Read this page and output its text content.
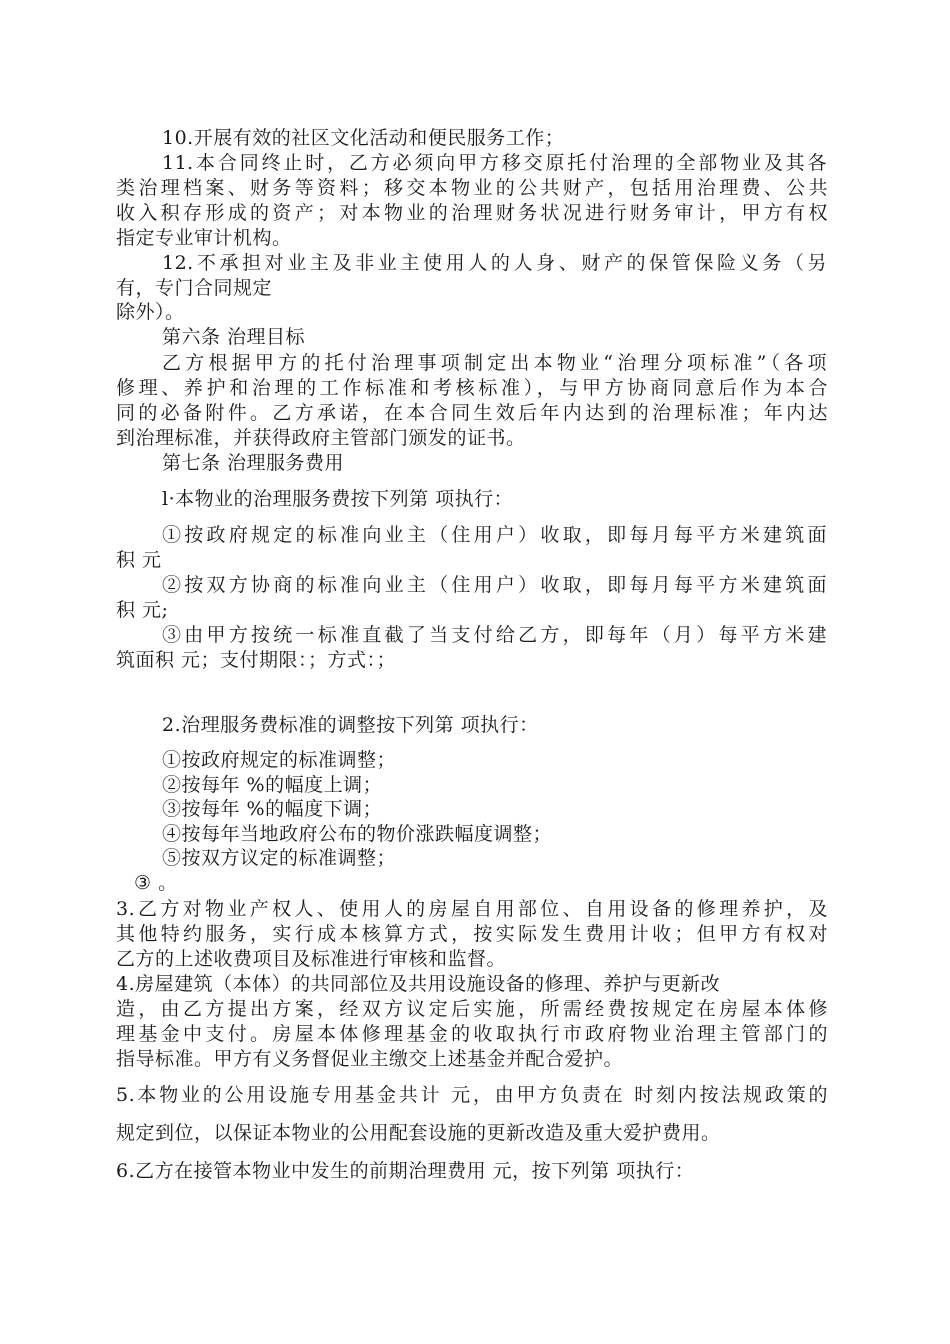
10.开展有效的社区文化活动和便民服务工作；

11.本合同终止时，乙方必须向甲方移交原托付治理的全部物业及其各

类治理档案、财务等资料；移交本物业的公共财产，包括用治理费、公共

收入积存形成的资产；对本物业的治理财务状况进行财务审计，甲方有权

指定专业审计机构。

12.不承担对业主及非业主使用人的人身、财产的保管保险义务（另

有，专门合同规定

除外）。

第六条 治理目标

乙方根据甲方的托付治理事项制定出本物业“治理分项标准”（各项

修理、养护和治理的工作标准和考核标准），与甲方协商同意后作为本合

同的必备附件。乙方承诺，在本合同生效后年内达到的治理标准；年内达

到治理标准，并获得政府主管部门颁发的证书。

第七条 治理服务费用

l·本物业的治理服务费按下列第 项执行：

①按政府规定的标准向业主（住用户）收取，即每月每平方米建筑面

积 元

②按双方协商的标准向业主（住用户）收取，即每月每平方米建筑面

积 元;

③由甲方按统一标准直截了当支付给乙方，即每年（月）每平方米建

筑面积 元；支付期限：；方式：；

2.治理服务费标准的调整按下列第 项执行：

①按政府规定的标准调整；

②按每年 %的幅度上调；

③按每年 %的幅度下调；

④按每年当地政府公布的物价涨跌幅度调整；

⑤按双方议定的标准调整；

③ 。

3.乙方对物业产权人、使用人的房屋自用部位、自用设备的修理养护，及

其他特约服务，实行成本核算方式，按实际发生费用计收；但甲方有权对

乙方的上述收费项目及标准进行审核和监督。

4.房屋建筑（本体）的共同部位及共用设施设备的修理、养护与更新改

造，由乙方提出方案，经双方议定后实施，所需经费按规定在房屋本体修

理基金中支付。房屋本体修理基金的收取执行市政府物业治理主管部门的

指导标准。甲方有义务督促业主缴交上述基金并配合爱护。

5.本物业的公用设施专用基金共计 元，由甲方负责在 时刻内按法规政策的

规定到位，以保证本物业的公用配套设施的更新改造及重大爱护费用。

6.乙方在接管本物业中发生的前期治理费用 元，按下列第 项执行：
